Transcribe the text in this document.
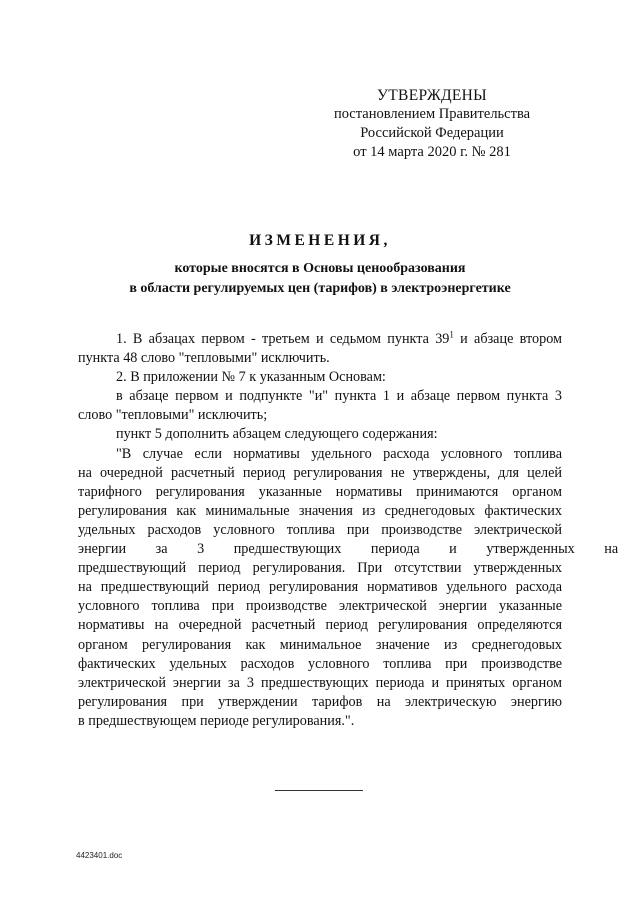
УТВЕРЖДЕНЫ
постановлением Правительства
Российской Федерации
от 14 марта 2020 г. № 281
ИЗМЕНЕНИЯ,
которые вносятся в Основы ценообразования
в области регулируемых цен (тарифов) в электроэнергетике

1. В абзацах первом - третьем и седьмом пункта $39^1$ и абзаце втором
пункта 48 слово "тепловыми" исключить.

2. В приложении № 7 к указанным Основам:

в абзаце первом и подпункте "и" пункта 1 и абзаце первом пункта 3
слово "тепловыми" исключить;

пункт 5 дополнить абзацем следующего содержания:

"В случае если нормативы удельного расхода условного топлива
на очередной расчетный период регулирования не утверждены, для целей
тарифного регулирования указанные нормативы принимаются органом
регулирования как минимальные значения из среднегодовых фактических
удельных расходов условного топлива при производстве электрической
энергии за 3 предшествующих периода и утвержденных на
предшествующий период регулирования. При отсутствии утвержденных
на предшествующий период регулирования нормативов удельного расхода
условного топлива при производстве электрической энергии указанные
нормативы на очередной расчетный период регулирования определяются
органом регулирования как минимальное значение из среднегодовых
фактических удельных расходов условного топлива при производстве
электрической энергии за 3 предшествующих периода и принятых органом
регулирования при утверждении тарифов на электрическую энергию
в предшествующем периоде регулирования.".

4423401.doc
